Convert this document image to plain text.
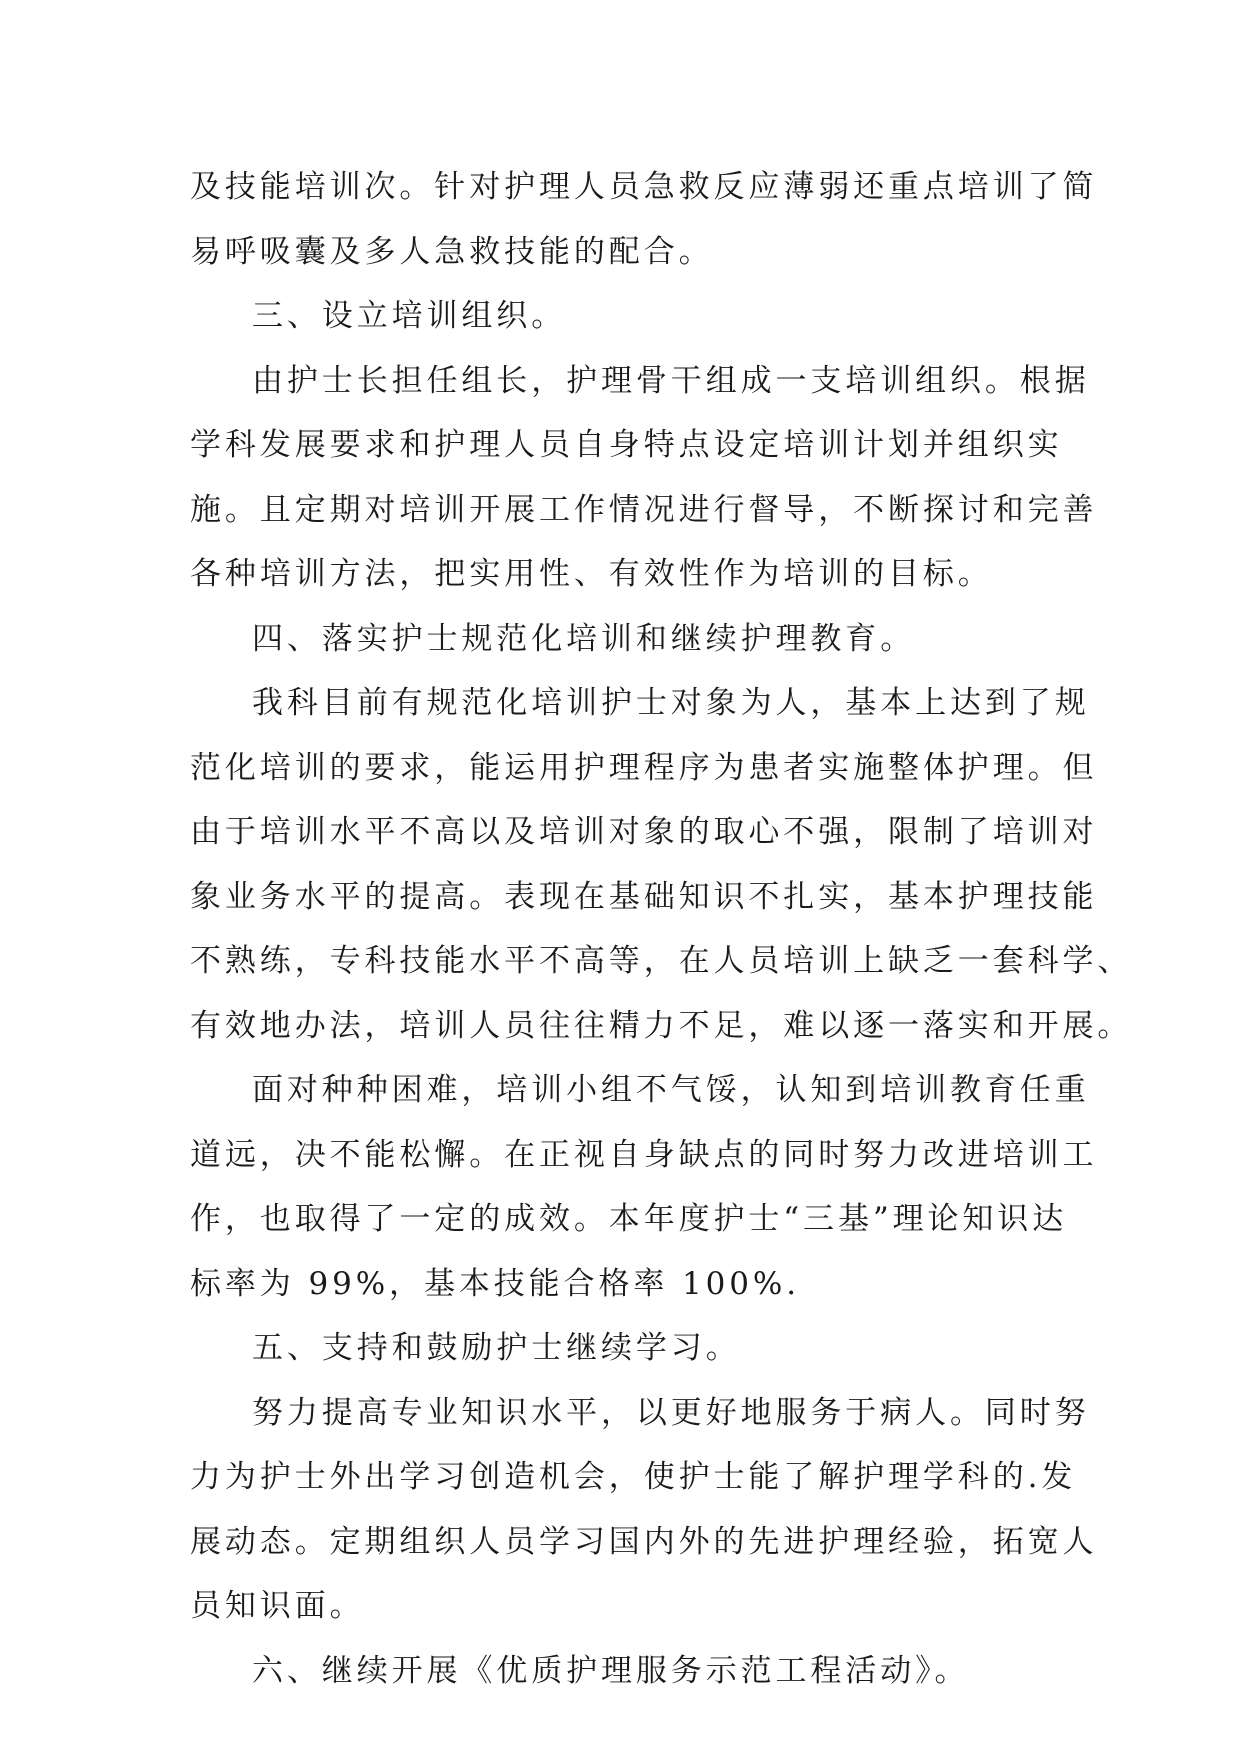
及技能培训次。针对护理人员急救反应薄弱还重点培训了简
易呼吸囊及多人急救技能的配合。

三、设立培训组织。

由护士长担任组长，护理骨干组成一支培训组织。根据
学科发展要求和护理人员自身特点设定培训计划并组织实
施。且定期对培训开展工作情况进行督导，不断探讨和完善
各种培训方法，把实用性、有效性作为培训的目标。

四、落实护士规范化培训和继续护理教育。

我科目前有规范化培训护士对象为人，基本上达到了规
范化培训的要求，能运用护理程序为患者实施整体护理。但
由于培训水平不高以及培训对象的取心不强，限制了培训对
象业务水平的提高。表现在基础知识不扎实，基本护理技能
不熟练，专科技能水平不高等，在人员培训上缺乏一套科学、
有效地办法，培训人员往往精力不足，难以逐一落实和开展。

面对种种困难，培训小组不气馁，认知到培训教育任重
道远，决不能松懈。在正视自身缺点的同时努力改进培训工
作，也取得了一定的成效。本年度护士“三基”理论知识达
标率为 99%，基本技能合格率 100%.

五、支持和鼓励护士继续学习。

努力提高专业知识水平，以更好地服务于病人。同时努
力为护士外出学习创造机会，使护士能了解护理学科的.发
展动态。定期组织人员学习国内外的先进护理经验，拓宽人
员知识面。

六、继续开展《优质护理服务示范工程活动》。
